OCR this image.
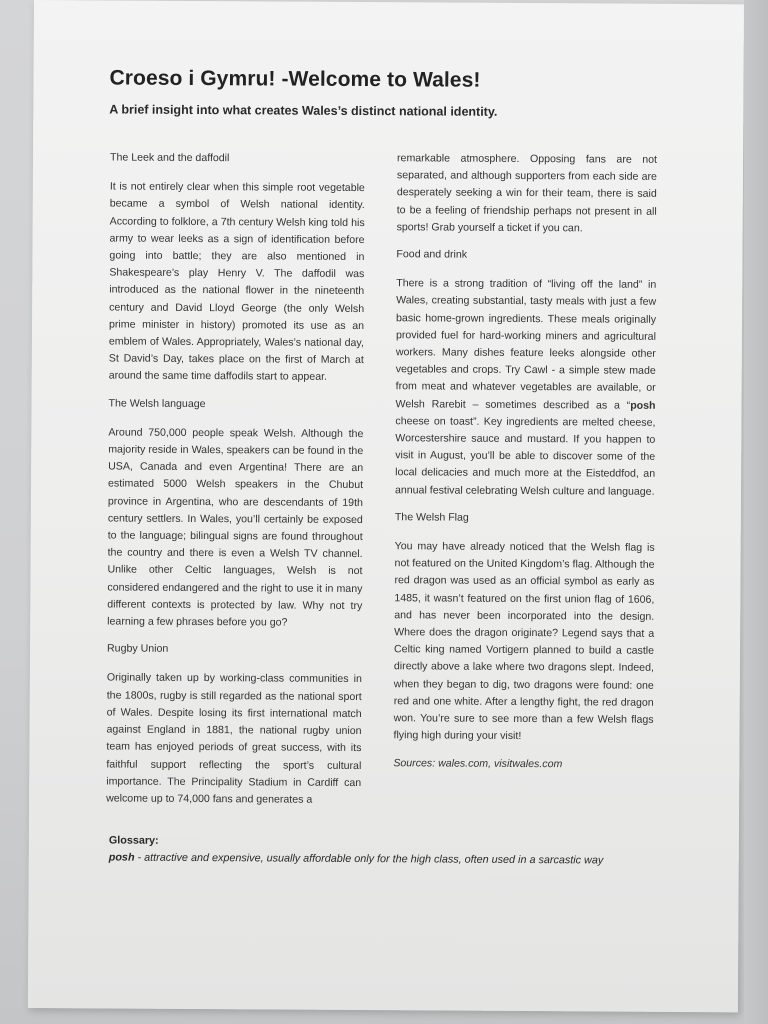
Croeso i Gymru! -Welcome to Wales!
A brief insight into what creates Wales’s distinct national identity.
The Leek and the daffodil

It is not entirely clear when this simple root vegetable became a symbol of Welsh national identity. According to folklore, a 7th century Welsh king told his army to wear leeks as a sign of identification before going into battle; they are also mentioned in Shakespeare’s play Henry V. The daffodil was introduced as the national flower in the nineteenth century and David Lloyd George (the only Welsh prime minister in history) promoted its use as an emblem of Wales. Appropriately, Wales’s national day, St David’s Day, takes place on the first of March at around the same time daffodils start to appear.

The Welsh language

Around 750,000 people speak Welsh. Although the majority reside in Wales, speakers can be found in the USA, Canada and even Argentina! There are an estimated 5000 Welsh speakers in the Chubut province in Argentina, who are descendants of 19th century settlers. In Wales, you’ll certainly be exposed to the language; bilingual signs are found throughout the country and there is even a Welsh TV channel. Unlike other Celtic languages, Welsh is not considered endangered and the right to use it in many different contexts is protected by law. Why not try learning a few phrases before you go?

Rugby Union

Originally taken up by working-class communities in the 1800s, rugby is still regarded as the national sport of Wales. Despite losing its first international match against England in 1881, the national rugby union team has enjoyed periods of great success, with its faithful support reflecting the sport’s cultural importance. The Principality Stadium in Cardiff can welcome up to 74,000 fans and generates a

remarkable atmosphere. Opposing fans are not separated, and although supporters from each side are desperately seeking a win for their team, there is said to be a feeling of friendship perhaps not present in all sports! Grab yourself a ticket if you can.

Food and drink

There is a strong tradition of “living off the land” in Wales, creating substantial, tasty meals with just a few basic home-grown ingredients. These meals originally provided fuel for hard-working miners and agricultural workers. Many dishes feature leeks alongside other vegetables and crops. Try Cawl - a simple stew made from meat and whatever vegetables are available, or Welsh Rarebit – sometimes described as a “posh cheese on toast”. Key ingredients are melted cheese, Worcestershire sauce and mustard. If you happen to visit in August, you’ll be able to discover some of the local delicacies and much more at the Eisteddfod, an annual festival celebrating Welsh culture and language.

The Welsh Flag

You may have already noticed that the Welsh flag is not featured on the United Kingdom’s flag. Although the red dragon was used as an official symbol as early as 1485, it wasn’t featured on the first union flag of 1606, and has never been incorporated into the design. Where does the dragon originate? Legend says that a Celtic king named Vortigern planned to build a castle directly above a lake where two dragons slept. Indeed, when they began to dig, two dragons were found: one red and one white. After a lengthy fight, the red dragon won. You’re sure to see more than a few Welsh flags flying high during your visit!

Sources: wales.com, visitwales.com

Glossary:
posh - attractive and expensive, usually affordable only for the high class, often used in a sarcastic way
